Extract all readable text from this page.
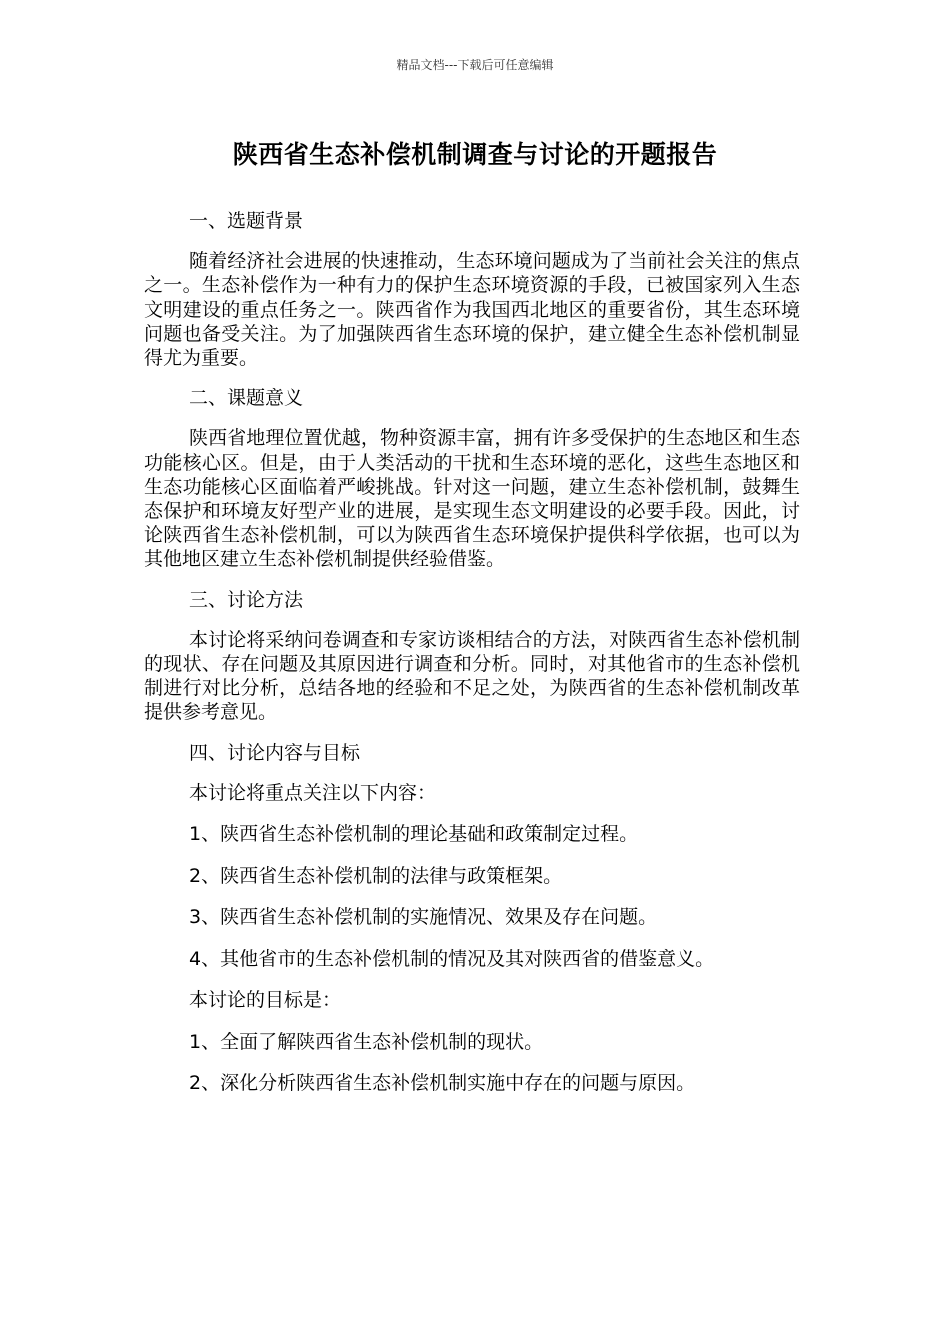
精品文档---下载后可任意编辑
陕西省生态补偿机制调查与讨论的开题报告
一、选题背景
随着经济社会进展的快速推动，生态环境问题成为了当前社会关注的焦点之一。生态补偿作为一种有力的保护生态环境资源的手段，已被国家列入生态文明建设的重点任务之一。陕西省作为我国西北地区的重要省份，其生态环境问题也备受关注。为了加强陕西省生态环境的保护，建立健全生态补偿机制显得尤为重要。
二、课题意义
陕西省地理位置优越，物种资源丰富，拥有许多受保护的生态地区和生态功能核心区。但是，由于人类活动的干扰和生态环境的恶化，这些生态地区和生态功能核心区面临着严峻挑战。针对这一问题，建立生态补偿机制，鼓舞生态保护和环境友好型产业的进展，是实现生态文明建设的必要手段。因此，讨论陕西省生态补偿机制，可以为陕西省生态环境保护提供科学依据，也可以为其他地区建立生态补偿机制提供经验借鉴。
三、讨论方法
本讨论将采纳问卷调查和专家访谈相结合的方法，对陕西省生态补偿机制的现状、存在问题及其原因进行调查和分析。同时，对其他省市的生态补偿机制进行对比分析，总结各地的经验和不足之处，为陕西省的生态补偿机制改革提供参考意见。
四、讨论内容与目标
本讨论将重点关注以下内容：
1、陕西省生态补偿机制的理论基础和政策制定过程。
2、陕西省生态补偿机制的法律与政策框架。
3、陕西省生态补偿机制的实施情况、效果及存在问题。
4、其他省市的生态补偿机制的情况及其对陕西省的借鉴意义。
本讨论的目标是：
1、全面了解陕西省生态补偿机制的现状。
2、深化分析陕西省生态补偿机制实施中存在的问题与原因。
